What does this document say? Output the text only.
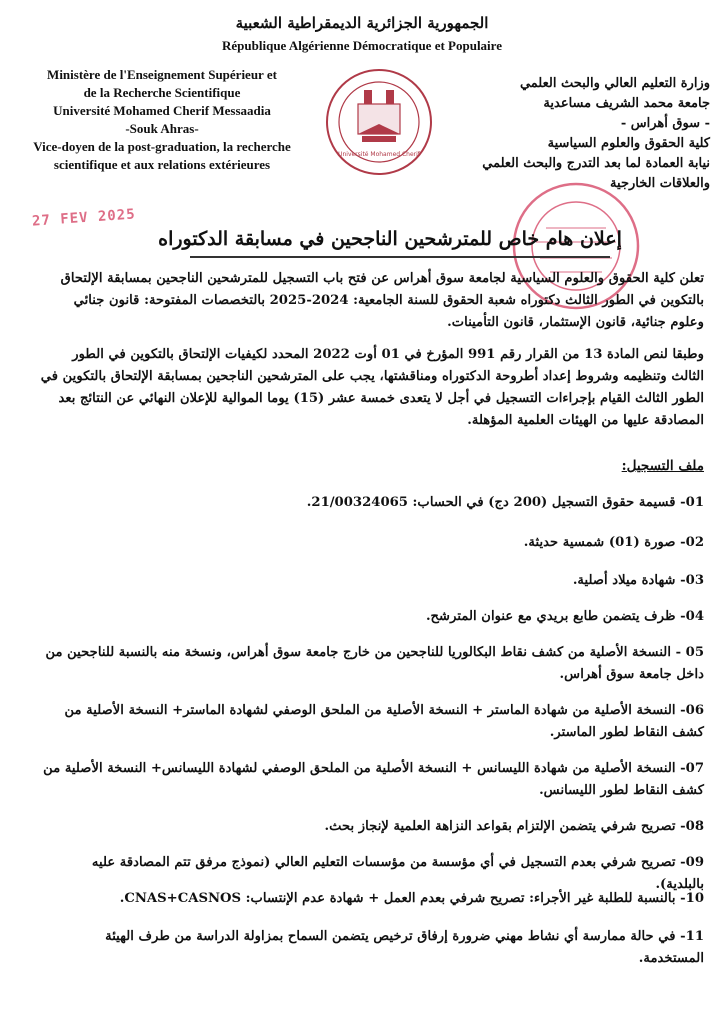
الجمهورية الجزائرية الديمقراطية الشعبية
République Algérienne Démocratique et Populaire
Ministère de l'Enseignement Supérieur et
de la Recherche Scientifique
Université Mohamed Cherif Messaadia
-Souk Ahras-
Vice-doyen de la post-graduation, la recherche
scientifique et aux relations extérieures
وزارة التعليم العالي والبحث العلمي
جامعة محمد الشريف مساعدية
- سوق أهراس -
كلية الحقوق والعلوم السياسية
نيابة العمادة لما بعد التدرج والبحث العلمي
والعلاقات الخارجية
Université Mohamed Cherif
27 FEV 2025
إعلان هام خاص للمترشحين الناجحين في مسابقة الدكتوراه
تعلن كلية الحقوق والعلوم السياسية لجامعة سوق أهراس عن فتح باب التسجيل للمترشحين الناجحين بمسابقة الإلتحاق بالتكوين في الطور الثالث دكتوراه شعبة الحقوق للسنة الجامعية: 2024-2025 بالتخصصات المفتوحة: قانون جنائي وعلوم جنائية، قانون الإستثمار، قانون التأمينات.
وطبقا لنص المادة 13 من القرار رقم 991 المؤرخ في 01 أوت 2022 المحدد لكيفيات الإلتحاق بالتكوين في الطور الثالث وتنظيمه وشروط إعداد أطروحة الدكتوراه ومناقشتها، يجب على المترشحين الناجحين بمسابقة الإلتحاق بالتكوين في الطور الثالث القيام بإجراءات التسجيل في أجل لا يتعدى خمسة عشر (15) يوما الموالية للإعلان النهائي عن النتائج بعد المصادقة عليها من الهيئات العلمية المؤهلة.
ملف التسجيل:
01- قسيمة حقوق التسجيل (200 دج) في الحساب: 21/00324065.
02- صورة (01) شمسية حديثة.
03- شهادة ميلاد أصلية.
04- ظرف يتضمن طابع بريدي مع عنوان المترشح.
05 - النسخة الأصلية من كشف نقاط البكالوريا للناجحين من خارج جامعة سوق أهراس، ونسخة منه بالنسبة للناجحين من داخل جامعة سوق أهراس.
06- النسخة الأصلية من شهادة الماستر + النسخة الأصلية من الملحق الوصفي لشهادة الماستر+ النسخة الأصلية من كشف النقاط لطور الماستر.
07- النسخة الأصلية من شهادة الليسانس + النسخة الأصلية من الملحق الوصفي لشهادة الليسانس+ النسخة الأصلية من كشف النقاط لطور الليسانس.
08- تصريح شرفي يتضمن الإلتزام بقواعد النزاهة العلمية لإنجاز بحث.
09- تصريح شرفي بعدم التسجيل في أي مؤسسة من مؤسسات التعليم العالي (نموذج مرفق تتم المصادقة عليه بالبلدية).
10- بالنسبة للطلبة غير الأجراء: تصريح شرفي بعدم العمل + شهادة عدم الإنتساب: CNAS+CASNOS.
11- في حالة ممارسة أي نشاط مهني ضرورة إرفاق ترخيص يتضمن السماح بمزاولة الدراسة من طرف الهيئة المستخدمة.
